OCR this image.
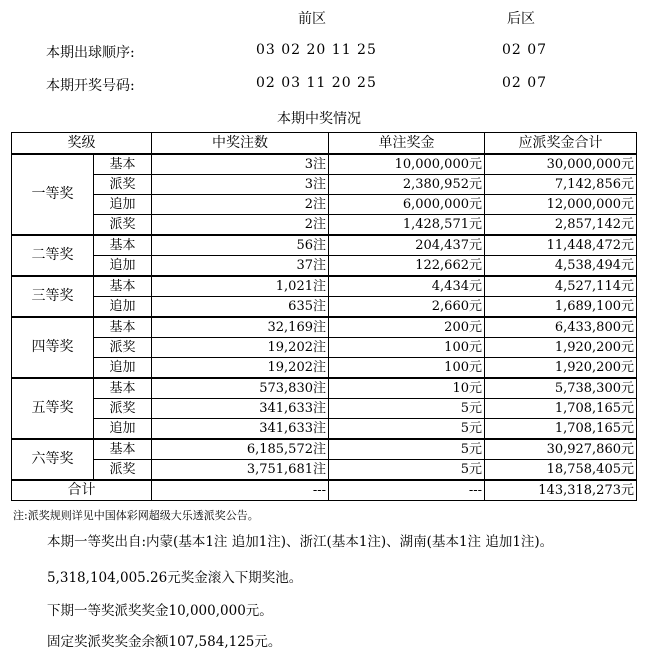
前区	后区
本期出球顺序:	03 02 20 11 25	02 07
本期开奖号码:	02 03 11 20 25	02 07
本期中奖情况
奖级		中奖注数	单注奖金	应派奖金合计
一等奖	基本	3注	10,000,000元	30,000,000元
	派奖	3注	2,380,952元	7,142,856元
	追加	2注	6,000,000元	12,000,000元
	派奖	2注	1,428,571元	2,857,142元
二等奖	基本	56注	204,437元	11,448,472元
	追加	37注	122,662元	4,538,494元
三等奖	基本	1,021注	4,434元	4,527,114元
	追加	635注	2,660元	1,689,100元
四等奖	基本	32,169注	200元	6,433,800元
	派奖	19,202注	100元	1,920,200元
	追加	19,202注	100元	1,920,200元
五等奖	基本	573,830注	10元	5,738,300元
	派奖	341,633注	5元	1,708,165元
	追加	341,633注	5元	1,708,165元
六等奖	基本	6,185,572注	5元	30,927,860元
	派奖	3,751,681注	5元	18,758,405元
合计		---	---	143,318,273元
注:派奖规则详见中国体彩网超级大乐透派奖公告。
本期一等奖出自:内蒙(基本1注 追加1注)、浙江(基本1注)、湖南(基本1注 追加1注)。
5,318,104,005.26元奖金滚入下期奖池。
下期一等奖派奖奖金10,000,000元。
固定奖派奖奖金余额107,584,125元。
